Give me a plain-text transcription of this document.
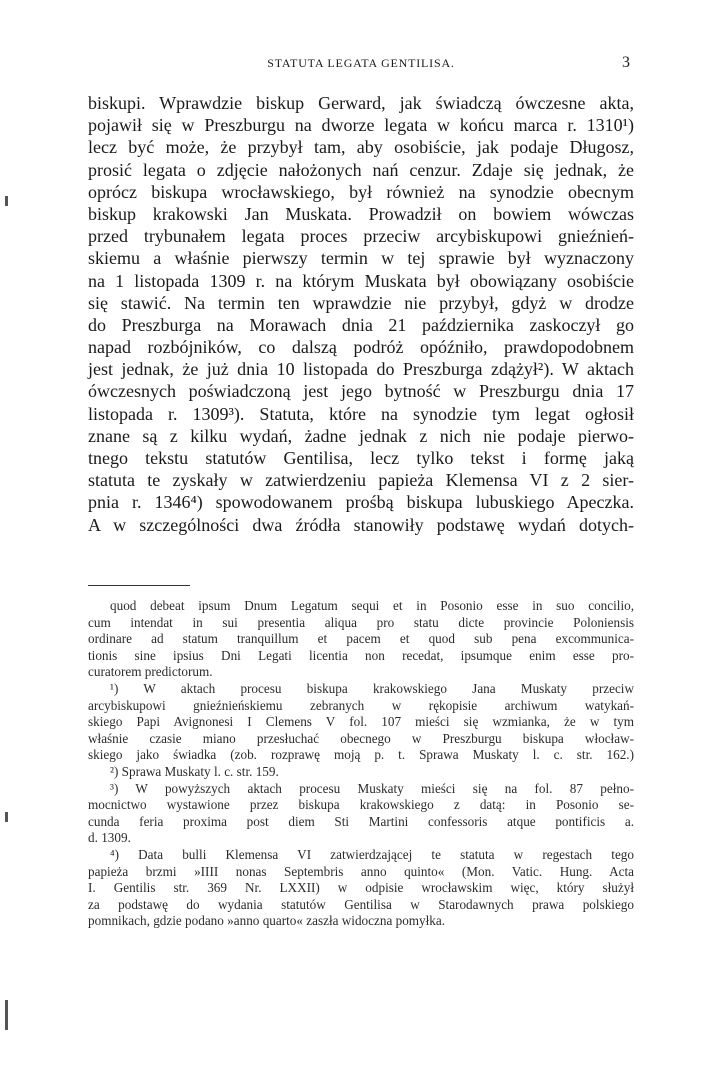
STATUTA LEGATA GENTILISA.	3
biskupi. Wprawdzie biskup Gerward, jak świadczą ówczesne akta,
pojawił się w Preszburgu na dworze legata w końcu marca r. 1310¹)
lecz być może, że przybył tam, aby osobiście, jak podaje Długosz,
prosić legata o zdjęcie nałożonych nań cenzur. Zdaje się jednak, że
oprócz biskupa wrocławskiego, był również na synodzie obecnym
biskup krakowski Jan Muskata. Prowadził on bowiem wówczas
przed trybunałem legata proces przeciw arcybiskupowi gnieźnień-
skiemu a właśnie pierwszy termin w tej sprawie był wyznaczony
na 1 listopada 1309 r. na którym Muskata był obowiązany osobiście
się stawić. Na termin ten wprawdzie nie przybył, gdyż w drodze
do Preszburga na Morawach dnia 21 października zaskoczył go
napad rozbójników, co dalszą podróż opóźniło, prawdopodobnem
jest jednak, że już dnia 10 listopada do Preszburga zdążył²). W aktach
ówczesnych poświadczoną jest jego bytność w Preszburgu dnia 17
listopada r. 1309³). Statuta, które na synodzie tym legat ogłosił
znane są z kilku wydań, żadne jednak z nich nie podaje pierwo-
tnego tekstu statutów Gentilisa, lecz tylko tekst i formę jaką
statuta te zyskały w zatwierdzeniu papieża Klemensa VI z 2 sier-
pnia r. 1346⁴) spowodowanem prośbą biskupa lubuskiego Apeczka.
A w szczególności dwa źródła stanowiły podstawę wydań dotych-
quod debeat ipsum Dnum Legatum sequi et in Posonio esse in suo concilio,
cum intendat in sui presentia aliqua pro statu dicte provincie Poloniensis
ordinare ad statum tranquillum et pacem et quod sub pena excommunica-
tionis sine ipsius Dni Legati licentia non recedat, ipsumque enim esse pro-
curatorem predictorum.
¹) W aktach procesu biskupa krakowskiego Jana Muskaty przeciw
arcybiskupowi gnieźnieńskiemu zebranych w rękopisie archiwum watykań-
skiego Papi Avignonesi I Clemens V fol. 107 mieści się wzmianka, że w tym
właśnie czasie miano przesłuchać obecnego w Preszburgu biskupa włocław-
skiego jako świadka (zob. rozprawę moją p. t. Sprawa Muskaty l. c. str. 162.)
²) Sprawa Muskaty l. c. str. 159.
³) W powyższych aktach procesu Muskaty mieści się na fol. 87 pełno-
mocnictwo wystawione przez biskupa krakowskiego z datą: in Posonio se-
cunda feria proxima post diem Sti Martini confessoris atque pontificis a.
d. 1309.
⁴) Data bulli Klemensa VI zatwierdzającej te statuta w regestach tego
papieża brzmi »IIII nonas Septembris anno quinto« (Mon. Vatic. Hung. Acta
I. Gentilis str. 369 Nr. LXXII) w odpisie wrocławskim więc, który służył
za podstawę do wydania statutów Gentilisa w Starodawnych prawa polskiego
pomnikach, gdzie podano »anno quarto« zaszła widoczna pomyłka.
